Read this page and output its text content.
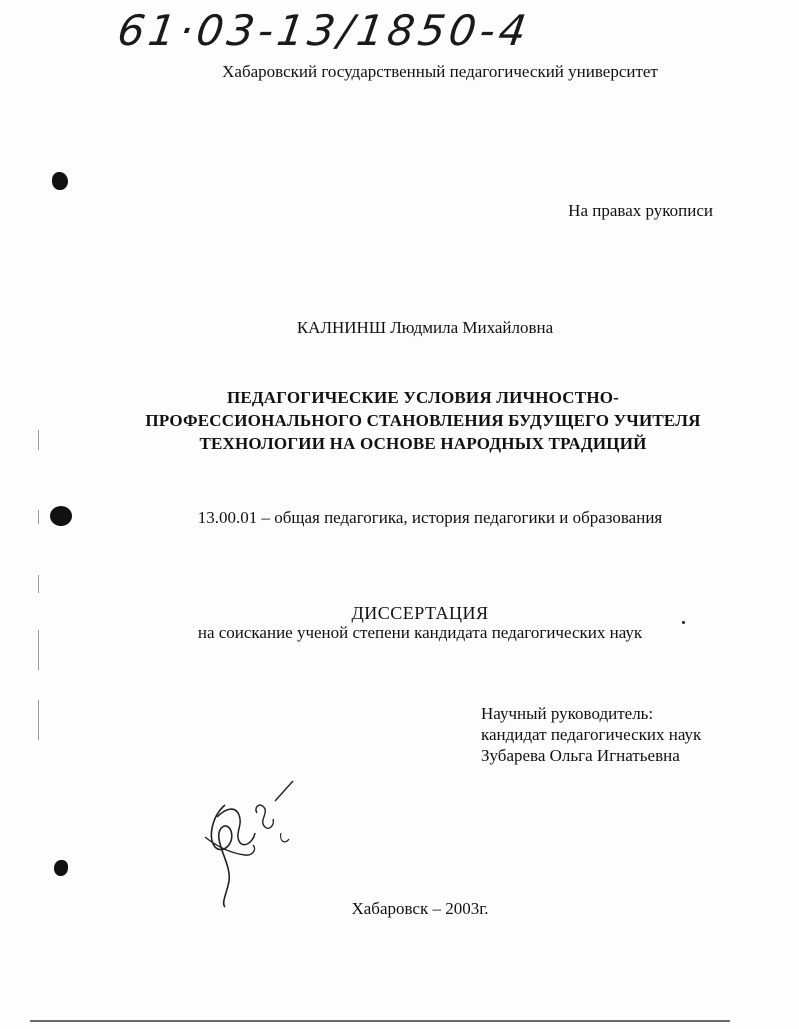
61·03-13/1850-4
Хабаровский государственный педагогический университет
На правах рукописи
КАЛНИНШ Людмила Михайловна
ПЕДАГОГИЧЕСКИЕ УСЛОВИЯ ЛИЧНОСТНО-
ПРОФЕССИОНАЛЬНОГО СТАНОВЛЕНИЯ БУДУЩЕГО УЧИТЕЛЯ
ТЕХНОЛОГИИ НА ОСНОВЕ НАРОДНЫХ ТРАДИЦИЙ
13.00.01 – общая педагогика, история педагогики и образования
ДИССЕРТАЦИЯ
на соискание ученой степени кандидата педагогических наук
Научный руководитель:
кандидат педагогических наук
Зубарева Ольга Игнатьевна
Хабаровск – 2003г.
